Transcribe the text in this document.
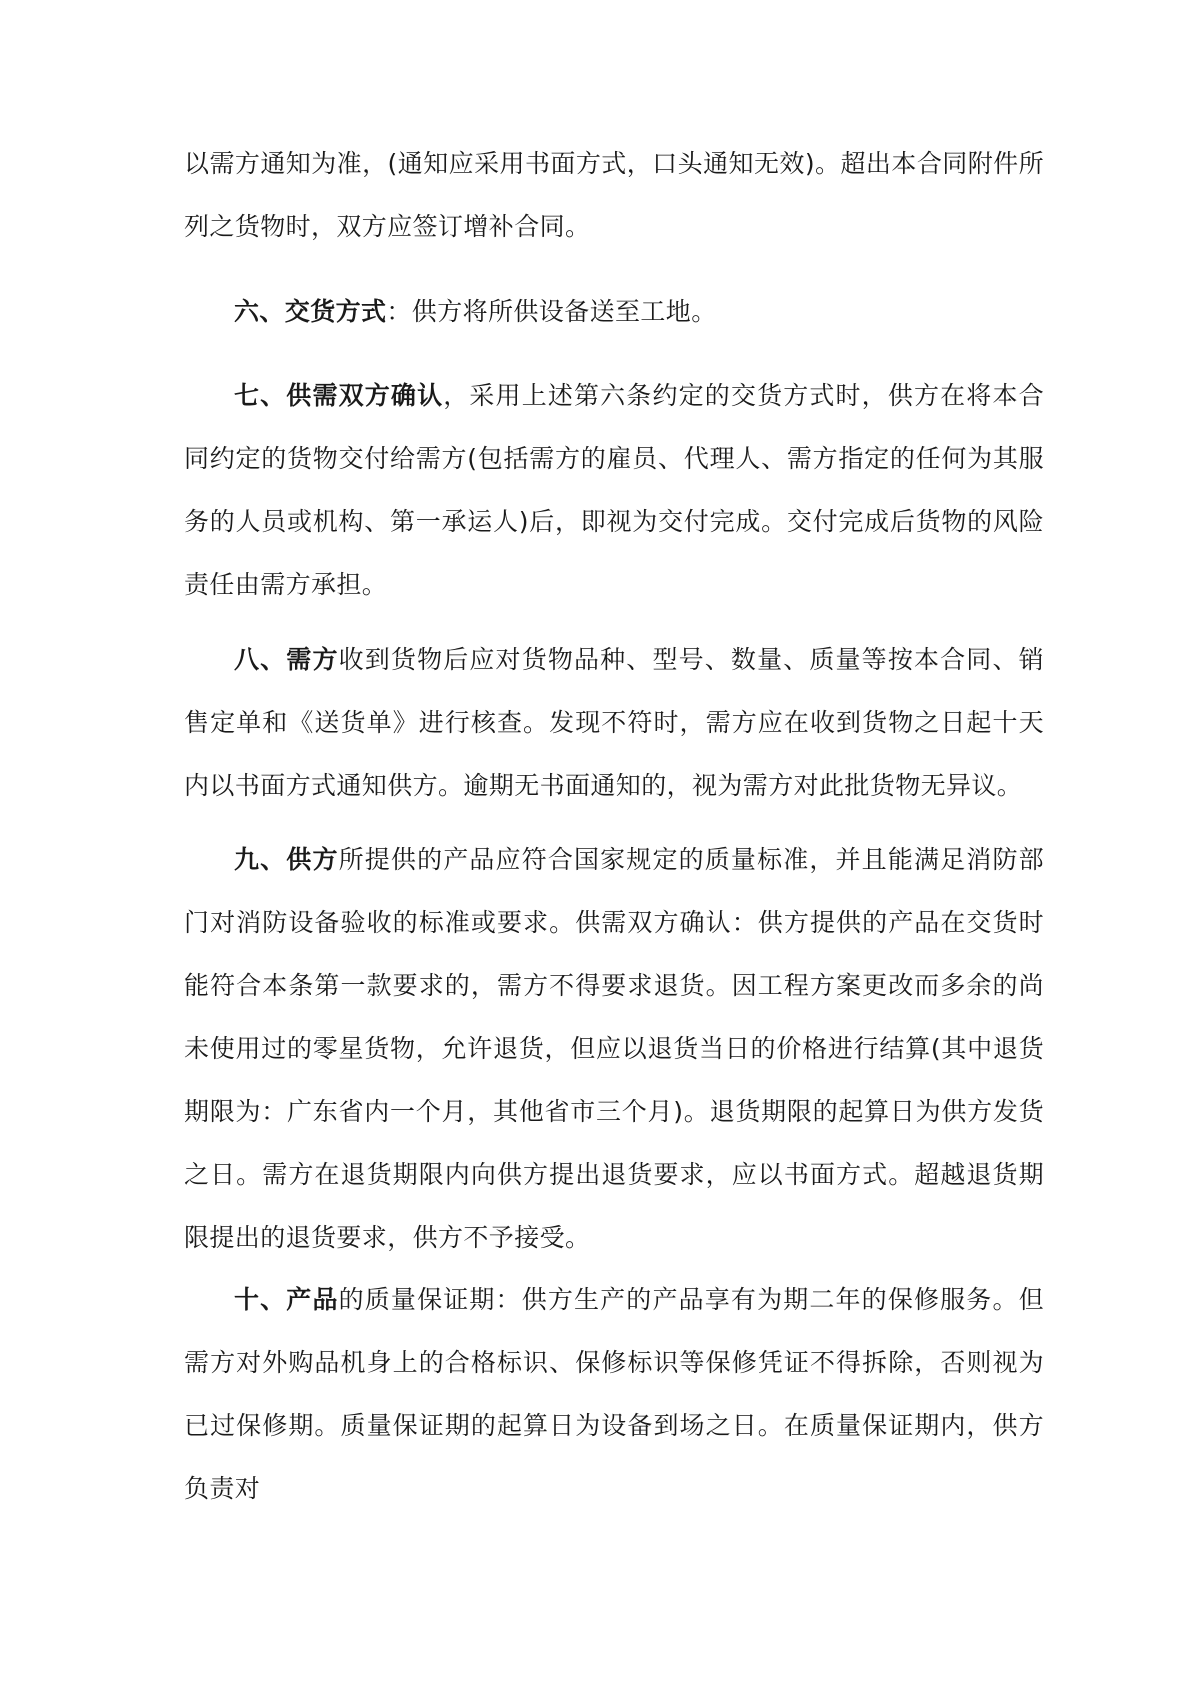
以需方通知为准，(通知应采用书面方式，口头通知无效)。超出本合同附件所列之货物时，双方应签订增补合同。

六、交货方式：供方将所供设备送至工地。

七、供需双方确认，采用上述第六条约定的交货方式时，供方在将本合同约定的货物交付给需方(包括需方的雇员、代理人、需方指定的任何为其服务的人员或机构、第一承运人)后，即视为交付完成。交付完成后货物的风险责任由需方承担。

八、需方收到货物后应对货物品种、型号、数量、质量等按本合同、销售定单和《送货单》进行核查。发现不符时，需方应在收到货物之日起十天内以书面方式通知供方。逾期无书面通知的，视为需方对此批货物无异议。

九、供方所提供的产品应符合国家规定的质量标准，并且能满足消防部门对消防设备验收的标准或要求。供需双方确认：供方提供的产品在交货时能符合本条第一款要求的，需方不得要求退货。因工程方案更改而多余的尚未使用过的零星货物，允许退货，但应以退货当日的价格进行结算(其中退货期限为：广东省内一个月，其他省市三个月)。退货期限的起算日为供方发货之日。需方在退货期限内向供方提出退货要求，应以书面方式。超越退货期限提出的退货要求，供方不予接受。

十、产品的质量保证期：供方生产的产品享有为期二年的保修服务。但需方对外购品机身上的合格标识、保修标识等保修凭证不得拆除，否则视为已过保修期。质量保证期的起算日为设备到场之日。在质量保证期内，供方负责对
